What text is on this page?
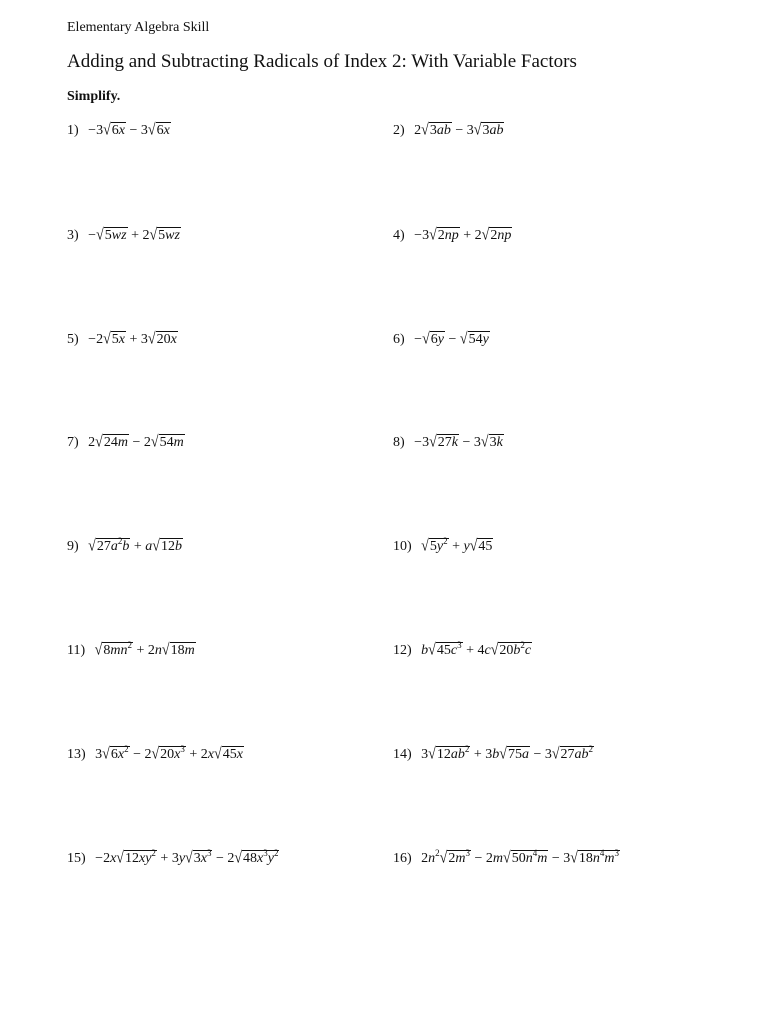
Elementary Algebra Skill
Adding and Subtracting Radicals of Index 2: With Variable Factors
Simplify.
1) −3√6x − 3√6x	2) 2√3ab − 3√3ab
3) −√5wz + 2√5wz	4) −3√2np + 2√2np
5) −2√5x + 3√20x	6) −√6y − √54y
7) 2√24m − 2√54m	8) −3√27k − 3√3k
9) $√27a^2b + a√12b$	10) $√5y^2 + y√45$
11) $√8mn^2 + 2n√18m$	12) $b√45c^3 + 4c√20b^2c$
13) $3√6x^2 - 2√20x^3 + 2x√45x$	14) $3√12ab^2 + 3b√75a - 3√27ab^2$
$15) -2x√12xy^2 + 3y√3x^3 - 2√48x^3y^2$	16) $2n^2√2m^3 - 2m√50n^4m - 3√18n^4m^3$
